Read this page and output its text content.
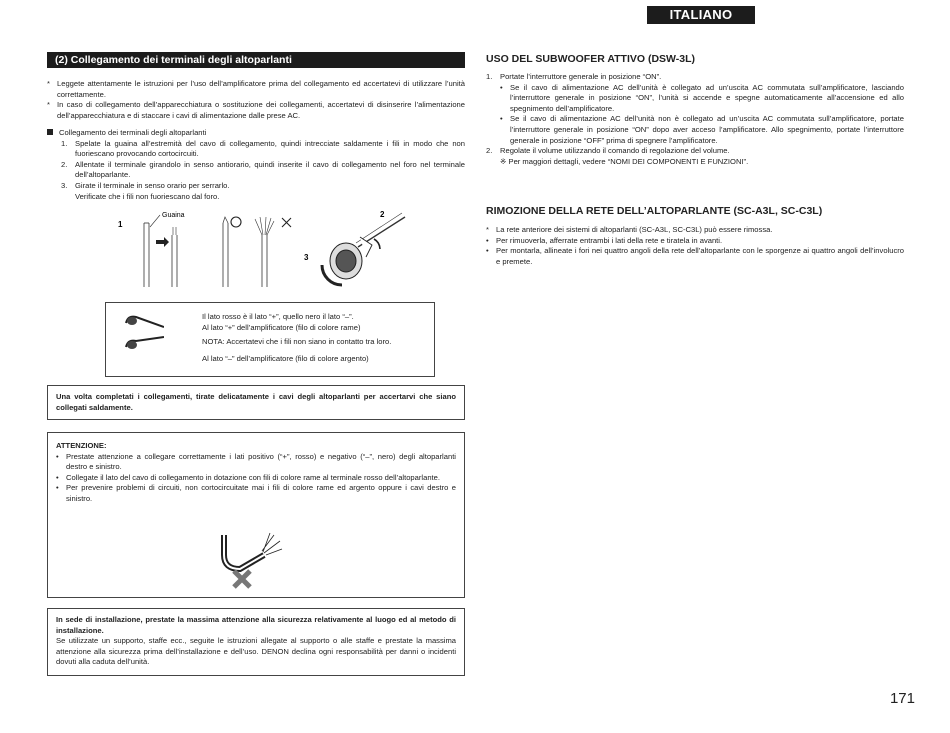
ITALIANO
(2) Collegamento dei terminali degli altoparlanti
* Leggete attentamente le istruzioni per l’uso dell’amplificatore prima del collegamento ed accertatevi di utilizzare l’unità correttamente.
* In caso di collegamento dell’apparecchiatura o sostituzione dei collegamenti, accertatevi di disinserire l’alimentazione dell’apparecchiatura e di staccare i cavi di alimentazione dalle prese AC.
Collegamento dei terminali degli altoparlanti
1.	Spelate la guaina all’estremità del cavo di collegamento, quindi intrecciate saldamente i fili in modo che non fuoriescano provocando cortocircuiti.
2.	Allentate il terminale girandolo in senso antiorario, quindi inserite il cavo di collegamento nel foro nel terminale dell’altoparlante.
3.	Girate il terminale in senso orario per serrarlo.
Verificate che i fili non fuoriescano dal foro.
1
Guaina	2
3

Il lato rosso è il lato “+”, quello nero il lato “–”.

Al lato “+” dell’amplificatore (filo di colore rame)

NOTA: Accertatevi che i fili non siano in contatto tra loro.

Al lato “–” dell’amplificatore (filo di colore argento)

Una volta completati i collegamenti, tirate delicatamente i cavi degli altoparlanti per accertarvi che siano collegati saldamente.

ATTENZIONE:

• Prestate attenzione a collegare correttamente i lati positivo (“+”, rosso) e negativo (“–”, nero) degli altoparlanti destro e sinistro.
• Collegate il lato del cavo di collegamento in dotazione con fili di colore rame al terminale rosso dell’altoparlante.
• Per prevenire problemi di circuiti, non cortocircuitate mai i fili di colore rame ed argento oppure i cavi destro e sinistro.

In sede di installazione, prestate la massima attenzione alla sicurezza relativamente al luogo ed al metodo di installazione.

Se utilizzate un supporto, staffe ecc., seguite le istruzioni allegate al supporto o alle staffe e prestate la massima attenzione alla sicurezza prima dell’installazione e dell’uso. DENON declina ogni responsabilità per danni o incidenti dovuti alla caduta dell’unità.

USO DEL SUBWOOFER ATTIVO (DSW-3L)
1.	Portate l’interruttore generale in posizione “ON”.
• Se il cavo di alimentazione AC dell’unità è collegato ad un’uscita AC commutata sull’amplificatore, lasciando l’interruttore generale in posizione “ON”, l’unità si accende e spegne automaticamente all’accensione ed allo spegnimento dell’amplificatore.
• Se il cavo di alimentazione AC dell’unità non è collegato ad un’uscita AC commutata sull’amplificatore, portate l’interruttore generale in posizione “ON” dopo aver acceso l’amplificatore. Allo spegnimento, portate l’interruttore generale in posizione “OFF” prima di spegnere l’amplificatore.
2.	Regolate il volume utilizzando il comando di regolazione del volume.
※ Per maggiori dettagli, vedere “NOMI DEI COMPONENTI E FUNZIONI”.
RIMOZIONE DELLA RETE DELL’ALTOPARLANTE (SC-A3L, SC-C3L)
* La rete anteriore dei sistemi di altoparlanti (SC-A3L, SC-C3L) può essere rimossa.
• Per rimuoverla, afferrate entrambi i lati della rete e tiratela in avanti.
• Per montarla, allineate i fori nei quattro angoli della rete dell’altoparlante con le sporgenze ai quattro angoli dell’involucro e premete.
171
